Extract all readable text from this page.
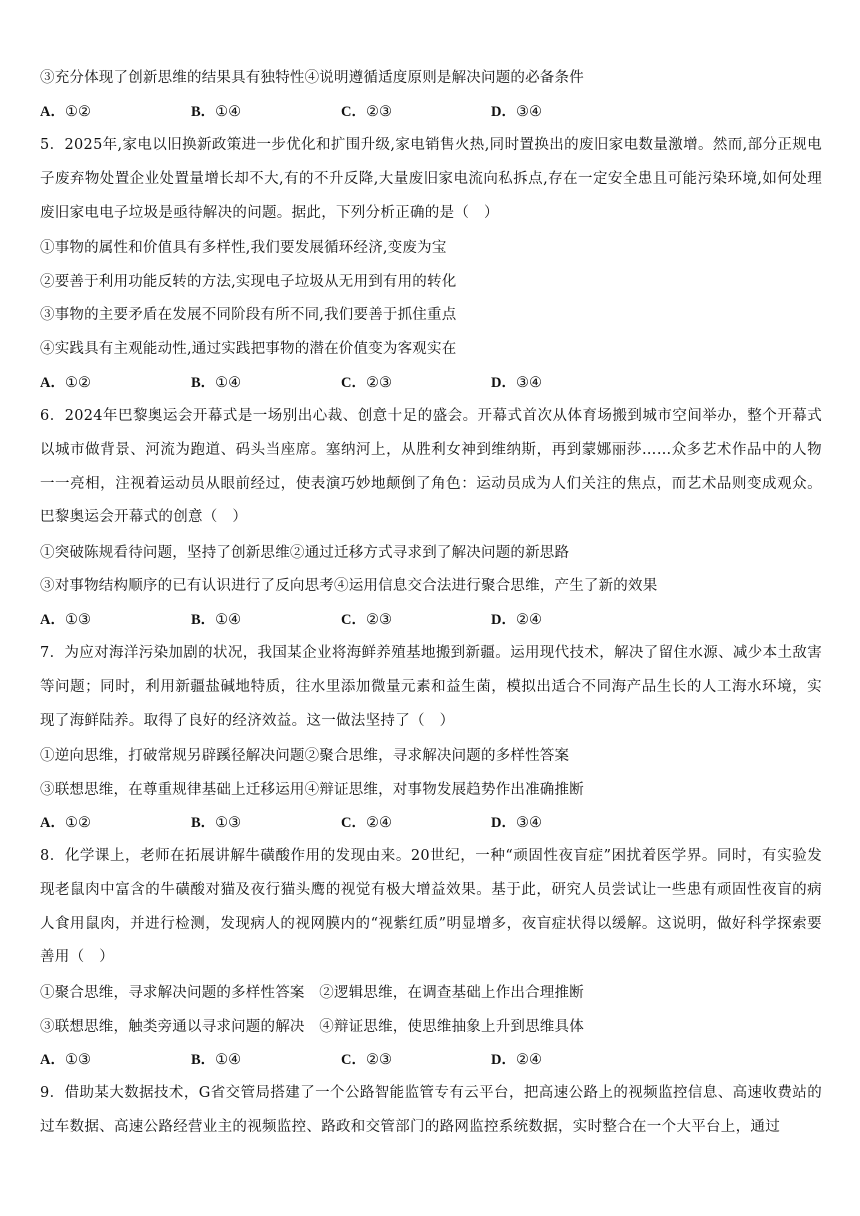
③充分体现了创新思维的结果具有独特性④说明遵循适度原则是解决问题的必备条件
A．①②	B．①④	C．②③	D．③④
5．2025年,家电以旧换新政策进一步优化和扩围升级,家电销售火热,同时置换出的废旧家电数量激增。然而,部分正规电子废弃物处置企业处置量增长却不大,有的不升反降,大量废旧家电流向私拆点,存在一定安全患且可能污染环境,如何处理废旧家电电子垃圾是亟待解决的问题。据此，下列分析正确的是（　）
①事物的属性和价值具有多样性,我们要发展循环经济,变废为宝
②要善于利用功能反转的方法,实现电子垃圾从无用到有用的转化
③事物的主要矛盾在发展不同阶段有所不同,我们要善于抓住重点
④实践具有主观能动性,通过实践把事物的潜在价值变为客观实在
A．①②	B．①④	C．②③	D．③④
6．2024年巴黎奥运会开幕式是一场别出心裁、创意十足的盛会。开幕式首次从体育场搬到城市空间举办，整个开幕式以城市做背景、河流为跑道、码头当座席。塞纳河上，从胜利女神到维纳斯，再到蒙娜丽莎……众多艺术作品中的人物一一亮相，注视着运动员从眼前经过，使表演巧妙地颠倒了角色：运动员成为人们关注的焦点，而艺术品则变成观众。巴黎奥运会开幕式的创意（　）
①突破陈规看待问题，坚持了创新思维②通过迁移方式寻求到了解决问题的新思路
③对事物结构顺序的已有认识进行了反向思考④运用信息交合法进行聚合思维，产生了新的效果
A．①③	B．①④	C．②③	D．②④
7．为应对海洋污染加剧的状况，我国某企业将海鲜养殖基地搬到新疆。运用现代技术，解决了留住水源、减少本土敌害等问题；同时，利用新疆盐碱地特质，往水里添加微量元素和益生菌，模拟出适合不同海产品生长的人工海水环境，实现了海鲜陆养。取得了良好的经济效益。这一做法坚持了（　）
①逆向思维，打破常规另辟蹊径解决问题②聚合思维，寻求解决问题的多样性答案
③联想思维，在尊重规律基础上迁移运用④辩证思维，对事物发展趋势作出准确推断
A．①②	B．①③	C．②④	D．③④
8．化学课上，老师在拓展讲解牛磺酸作用的发现由来。20世纪，一种“顽固性夜盲症”困扰着医学界。同时，有实验发现老鼠肉中富含的牛磺酸对猫及夜行猫头鹰的视觉有极大增益效果。基于此，研究人员尝试让一些患有顽固性夜盲的病人食用鼠肉，并进行检测，发现病人的视网膜内的“视紫红质”明显增多，夜盲症状得以缓解。这说明，做好科学探索要善用（　）
①聚合思维，寻求解决问题的多样性答案　②逻辑思维，在调查基础上作出合理推断
③联想思维，触类旁通以寻求问题的解决　④辩证思维，使思维抽象上升到思维具体
A．①③	B．①④	C．②③	D．②④
9．借助某大数据技术，G省交管局搭建了一个公路智能监管专有云平台，把高速公路上的视频监控信息、高速收费站的过车数据、高速公路经营业主的视频监控、路政和交管部门的路网监控系统数据，实时整合在一个大平台上，通过
